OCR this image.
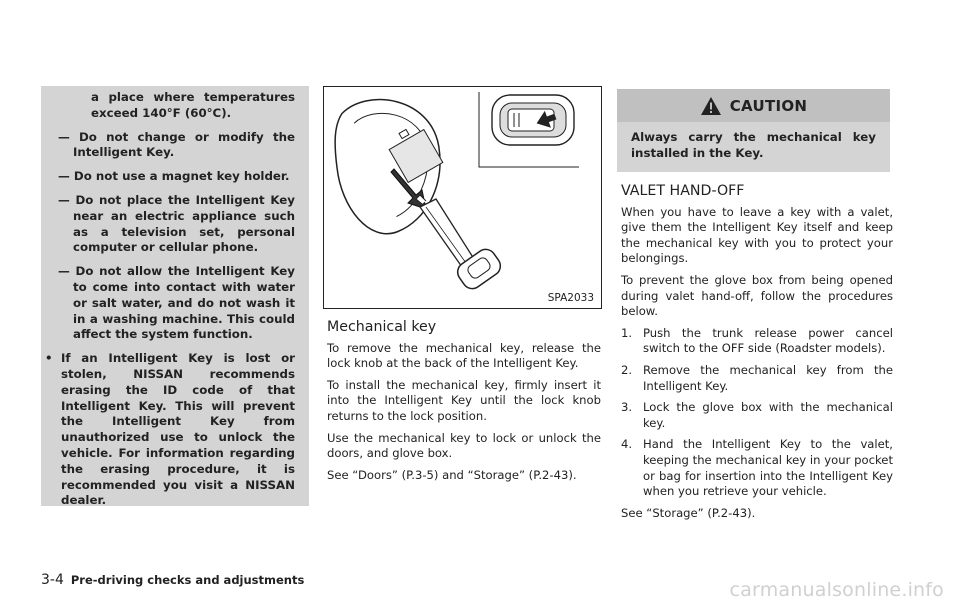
a place where temperatures exceed 140°F (60°C).
— Do not change or modify the Intelligent Key.
— Do not use a magnet key holder.
— Do not place the Intelligent Key near an electric appliance such as a television set, personal computer or cellular phone.
— Do not allow the Intelligent Key to come into contact with water or salt water, and do not wash it in a washing machine. This could affect the system function.
• If an Intelligent Key is lost or stolen, NISSAN recommends erasing the ID code of that Intelligent Key. This will prevent the Intelligent Key from unauthorized use to unlock the vehicle. For information regarding the erasing procedure, it is recommended you visit a NISSAN dealer.
SPA2033
Mechanical key

To remove the mechanical key, release the lock knob at the back of the Intelligent Key.

To install the mechanical key, firmly insert it into the Intelligent Key until the lock knob returns to the lock position.

Use the mechanical key to lock or unlock the doors, and glove box.

See “Doors” (P.3-5) and “Storage” (P.2-43).

CAUTION
Always carry the mechanical key installed in the Key.
VALET HAND-OFF

When you have to leave a key with a valet, give them the Intelligent Key itself and keep the mechanical key with you to protect your belongings.

To prevent the glove box from being opened during valet hand-off, follow the procedures below.

1. Push the trunk release power cancel switch to the OFF side (Roadster models).
2. Remove the mechanical key from the Intelligent Key.
3. Lock the glove box with the mechanical key.
4. Hand the Intelligent Key to the valet, keeping the mechanical key in your pocket or bag for insertion into the Intelligent Key when you retrieve your vehicle.

See “Storage” (P.2-43).

3-4 Pre-driving checks and adjustments	carmanualsonline.info
